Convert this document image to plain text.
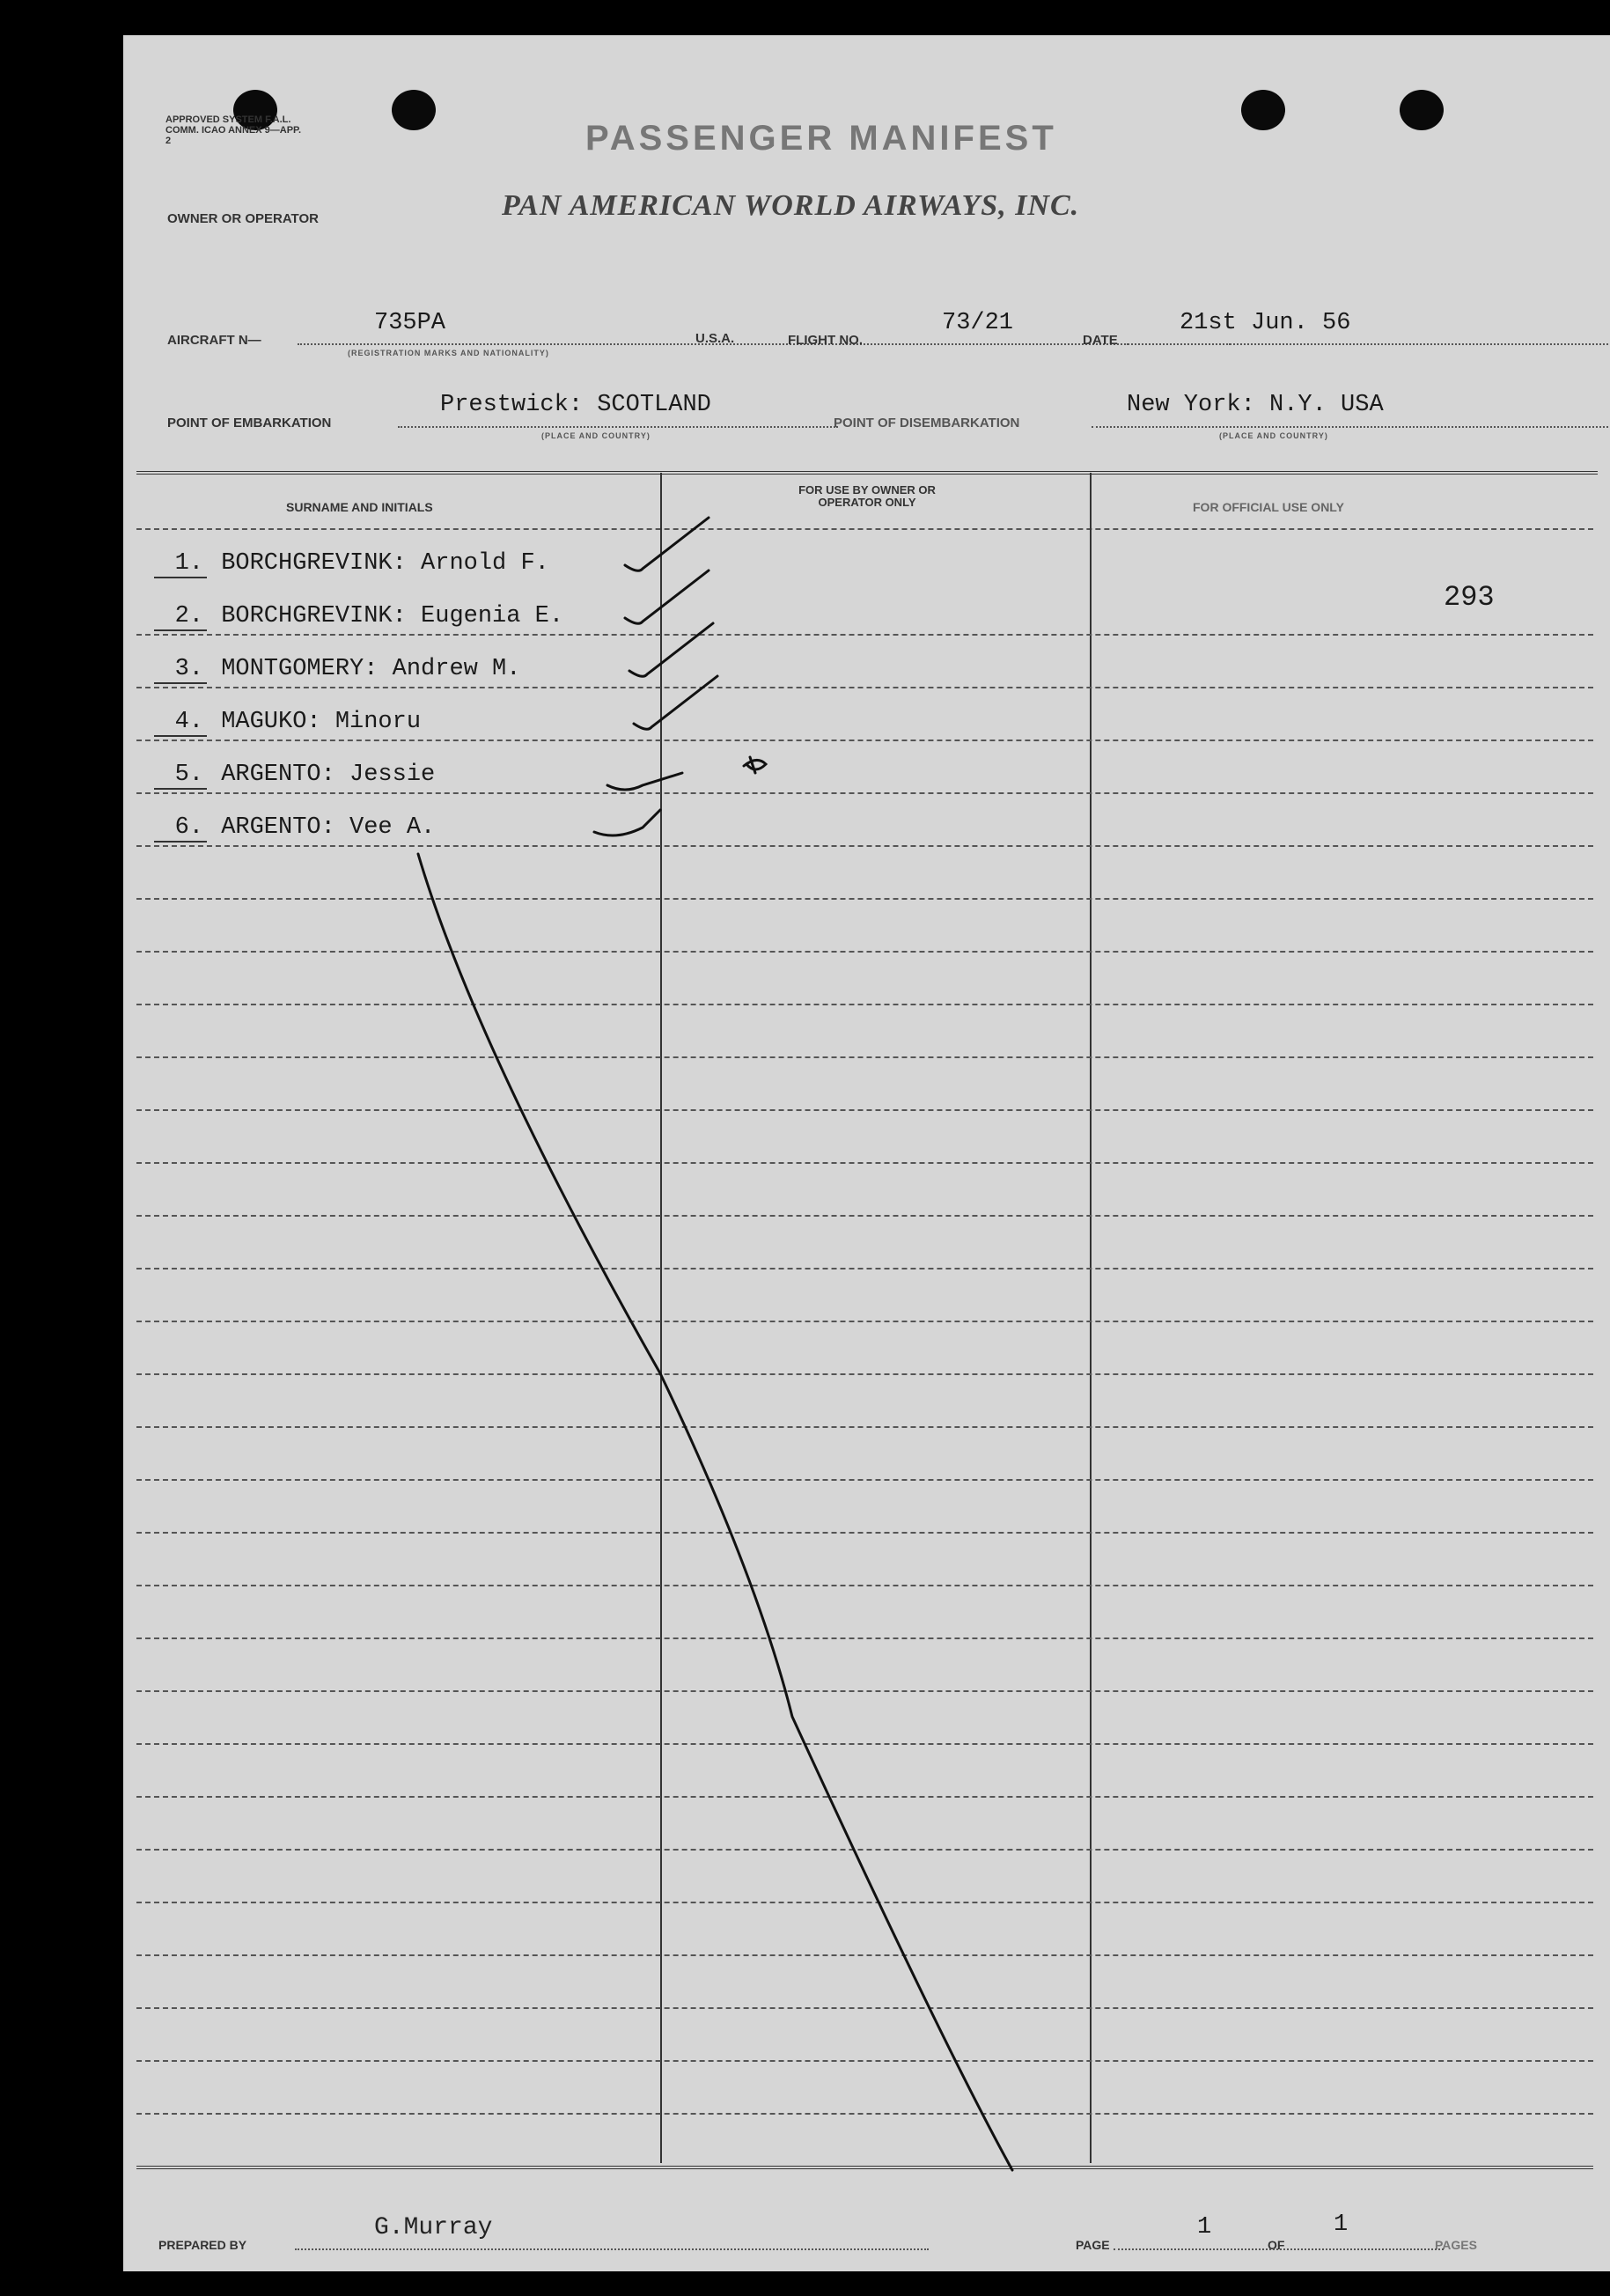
APPROVED SYSTEM F.A.L. COMM. ICAO ANNEX 9—APP. 2	PASSENGER MANIFEST
OWNER OR OPERATOR	PAN AMERICAN WORLD AIRWAYS, INC.
AIRCRAFT N—
735PA
(REGISTRATION MARKS AND NATIONALITY)
U.S.A.	FLIGHT NO.
73/21
DATE
21st Jun. 56
POINT OF EMBARKATION
Prestwick: SCOTLAND
(PLACE AND COUNTRY)
POINT OF DISEMBARKATION
New York: N.Y. USA
(PLACE AND COUNTRY)
SURNAME AND INITIALS
FOR USE BY OWNER OR OPERATOR ONLY	FOR OFFICIAL USE ONLY
1. BORCHGREVINK: Arnold F.
2. BORCHGREVINK: Eugenia E.
3. MONTGOMERY: Andrew M.
4. MAGUKO: Minoru
5. ARGENTO: Jessie
6. ARGENTO: Vee A.
293
PREPARED BY
G.Murray
PAGE
1
OF
1
PAGES
